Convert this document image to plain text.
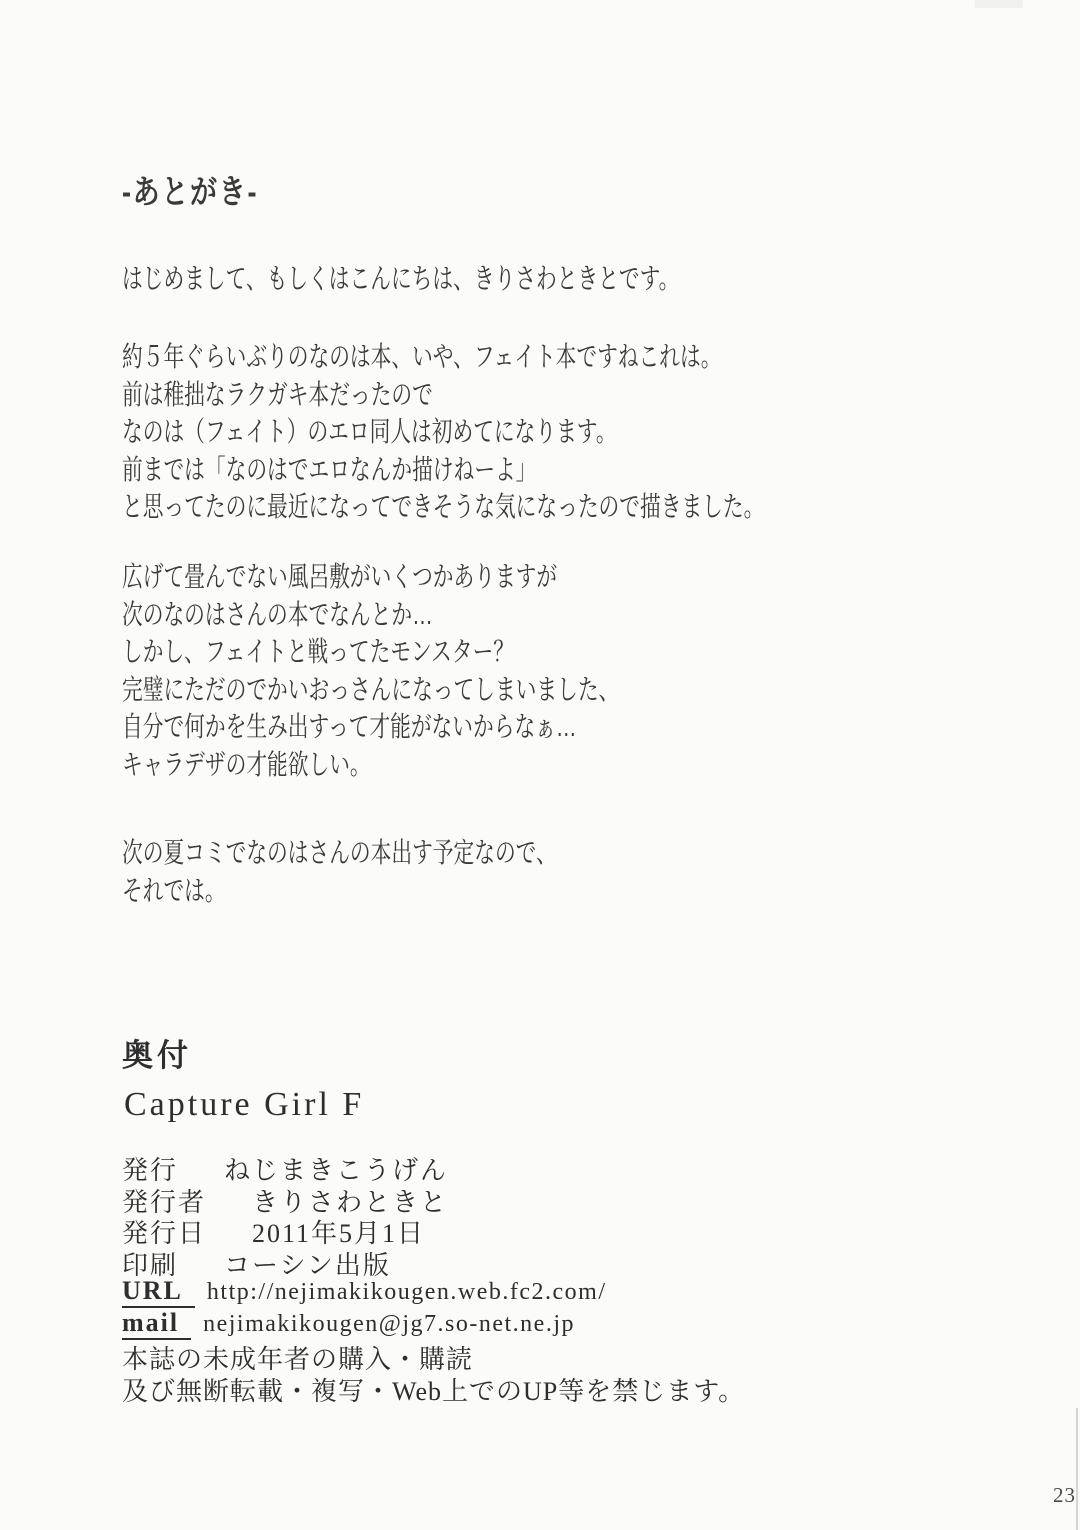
-あとがき-
はじめまして、もしくはこんにちは、きりさわときとです。
約５年ぐらいぶりのなのは本、いや、フェイト本ですねこれは。
前は稚拙なラクガキ本だったので
なのは（フェイト）のエロ同人は初めてになります。
前までは「なのはでエロなんか描けねーよ」
と思ってたのに最近になってできそうな気になったので描きました。
広げて畳んでない風呂敷がいくつかありますが
次のなのはさんの本でなんとか…
しかし、フェイトと戦ってたモンスター？
完璧にただのでかいおっさんになってしまいました、
自分で何かを生み出すって才能がないからなぁ…
キャラデザの才能欲しい。
次の夏コミでなのはさんの本出す予定なので、
それでは。
奥付
Capture Girl F
発行 ねじまきこうげん
発行者 きりさわときと
発行日 2011年5月1日
印刷 コーシン出版
URL	http://nejimakikougen.web.fc2.com/
mail	nejimakikougen@jg7.so-net.ne.jp
本誌の未成年者の購入・購読
及び無断転載・複写・Web上でのUP等を禁じます。
23
